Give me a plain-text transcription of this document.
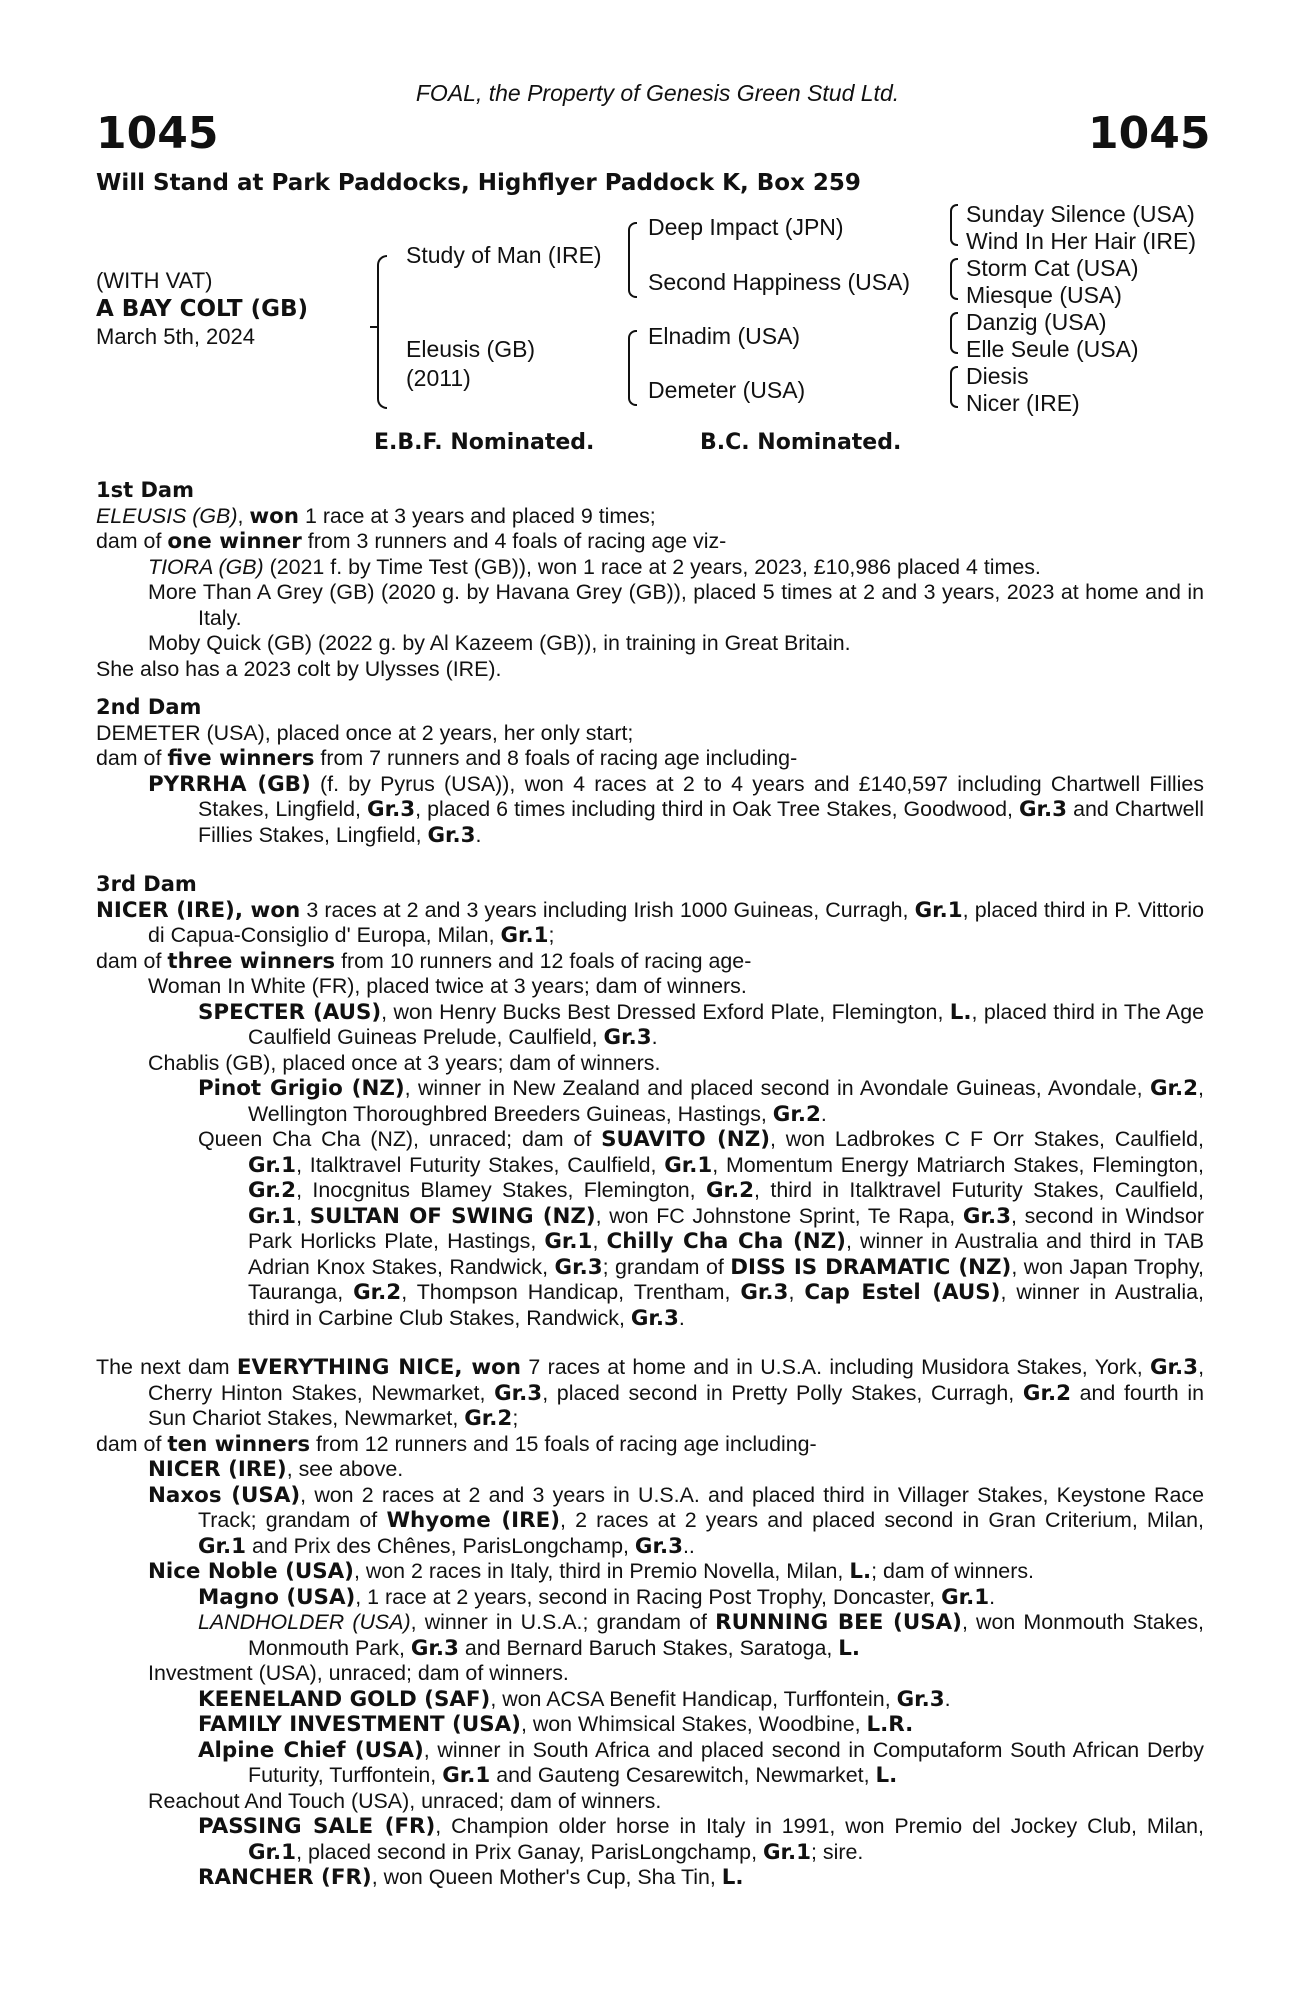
FOAL, the Property of Genesis Green Stud Ltd.
1045	1045
Will Stand at Park Paddocks, Highflyer Paddock K, Box 259
(WITH VAT)
A BAY COLT (GB)
March 5th, 2024
Study of Man (IRE)
Eleusis (GB)
(2011)
Deep Impact (JPN)
Second Happiness (USA)
Elnadim (USA)
Demeter (USA)
Sunday Silence (USA)
Wind In Her Hair (IRE)
Storm Cat (USA)
Miesque (USA)
Danzig (USA)
Elle Seule (USA)
Diesis
Nicer (IRE)
E.B.F. Nominated.	B.C. Nominated.

1st Dam

ELEUSIS (GB), won 1 race at 3 years and placed 9 times;

dam of one winner from 3 runners and 4 foals of racing age viz-

TIORA (GB) (2021 f. by Time Test (GB)), won 1 race at 2 years, 2023, £10,986 placed 4 times.

More Than A Grey (GB) (2020 g. by Havana Grey (GB)), placed 5 times at 2 and 3 years, 2023 at home and in Italy.

Moby Quick (GB) (2022 g. by Al Kazeem (GB)), in training in Great Britain.

She also has a 2023 colt by Ulysses (IRE).

2nd Dam

DEMETER (USA), placed once at 2 years, her only start;

dam of five winners from 7 runners and 8 foals of racing age including-

PYRRHA (GB) (f. by Pyrus (USA)), won 4 races at 2 to 4 years and £140,597 including Chartwell Fillies Stakes, Lingfield, Gr.3, placed 6 times including third in Oak Tree Stakes, Goodwood, Gr.3 and Chartwell Fillies Stakes, Lingfield, Gr.3.

3rd Dam

NICER (IRE), won 3 races at 2 and 3 years including Irish 1000 Guineas, Curragh, Gr.1, placed third in P. Vittorio di Capua-Consiglio d' Europa, Milan, Gr.1;

dam of three winners from 10 runners and 12 foals of racing age-

Woman In White (FR), placed twice at 3 years; dam of winners.

SPECTER (AUS), won Henry Bucks Best Dressed Exford Plate, Flemington, L., placed third in The Age Caulfield Guineas Prelude, Caulfield, Gr.3.

Chablis (GB), placed once at 3 years; dam of winners.

Pinot Grigio (NZ), winner in New Zealand and placed second in Avondale Guineas, Avondale, Gr.2, Wellington Thoroughbred Breeders Guineas, Hastings, Gr.2.

Queen Cha Cha (NZ), unraced; dam of SUAVITO (NZ), won Ladbrokes C F Orr Stakes, Caulfield, Gr.1, Italktravel Futurity Stakes, Caulfield, Gr.1, Momentum Energy Matriarch Stakes, Flemington, Gr.2, Inocgnitus Blamey Stakes, Flemington, Gr.2, third in Italktravel Futurity Stakes, Caulfield, Gr.1, SULTAN OF SWING (NZ), won FC Johnstone Sprint, Te Rapa, Gr.3, second in Windsor Park Horlicks Plate, Hastings, Gr.1, Chilly Cha Cha (NZ), winner in Australia and third in TAB Adrian Knox Stakes, Randwick, Gr.3; grandam of DISS IS DRAMATIC (NZ), won Japan Trophy, Tauranga, Gr.2, Thompson Handicap, Trentham, Gr.3, Cap Estel (AUS), winner in Australia, third in Carbine Club Stakes, Randwick, Gr.3.

The next dam EVERYTHING NICE, won 7 races at home and in U.S.A. including Musidora Stakes, York, Gr.3, Cherry Hinton Stakes, Newmarket, Gr.3, placed second in Pretty Polly Stakes, Curragh, Gr.2 and fourth in Sun Chariot Stakes, Newmarket, Gr.2;

dam of ten winners from 12 runners and 15 foals of racing age including-

NICER (IRE), see above.

Naxos (USA), won 2 races at 2 and 3 years in U.S.A. and placed third in Villager Stakes, Keystone Race Track; grandam of Whyome (IRE), 2 races at 2 years and placed second in Gran Criterium, Milan, Gr.1 and Prix des Chênes, ParisLongchamp, Gr.3..

Nice Noble (USA), won 2 races in Italy, third in Premio Novella, Milan, L.; dam of winners.

Magno (USA), 1 race at 2 years, second in Racing Post Trophy, Doncaster, Gr.1.

LANDHOLDER (USA), winner in U.S.A.; grandam of RUNNING BEE (USA), won Monmouth Stakes, Monmouth Park, Gr.3 and Bernard Baruch Stakes, Saratoga, L.

Investment (USA), unraced; dam of winners.

KEENELAND GOLD (SAF), won ACSA Benefit Handicap, Turffontein, Gr.3.

FAMILY INVESTMENT (USA), won Whimsical Stakes, Woodbine, L.R.

Alpine Chief (USA), winner in South Africa and placed second in Computaform South African Derby Futurity, Turffontein, Gr.1 and Gauteng Cesarewitch, Newmarket, L.

Reachout And Touch (USA), unraced; dam of winners.

PASSING SALE (FR), Champion older horse in Italy in 1991, won Premio del Jockey Club, Milan, Gr.1, placed second in Prix Ganay, ParisLongchamp, Gr.1; sire.

RANCHER (FR), won Queen Mother's Cup, Sha Tin, L.
